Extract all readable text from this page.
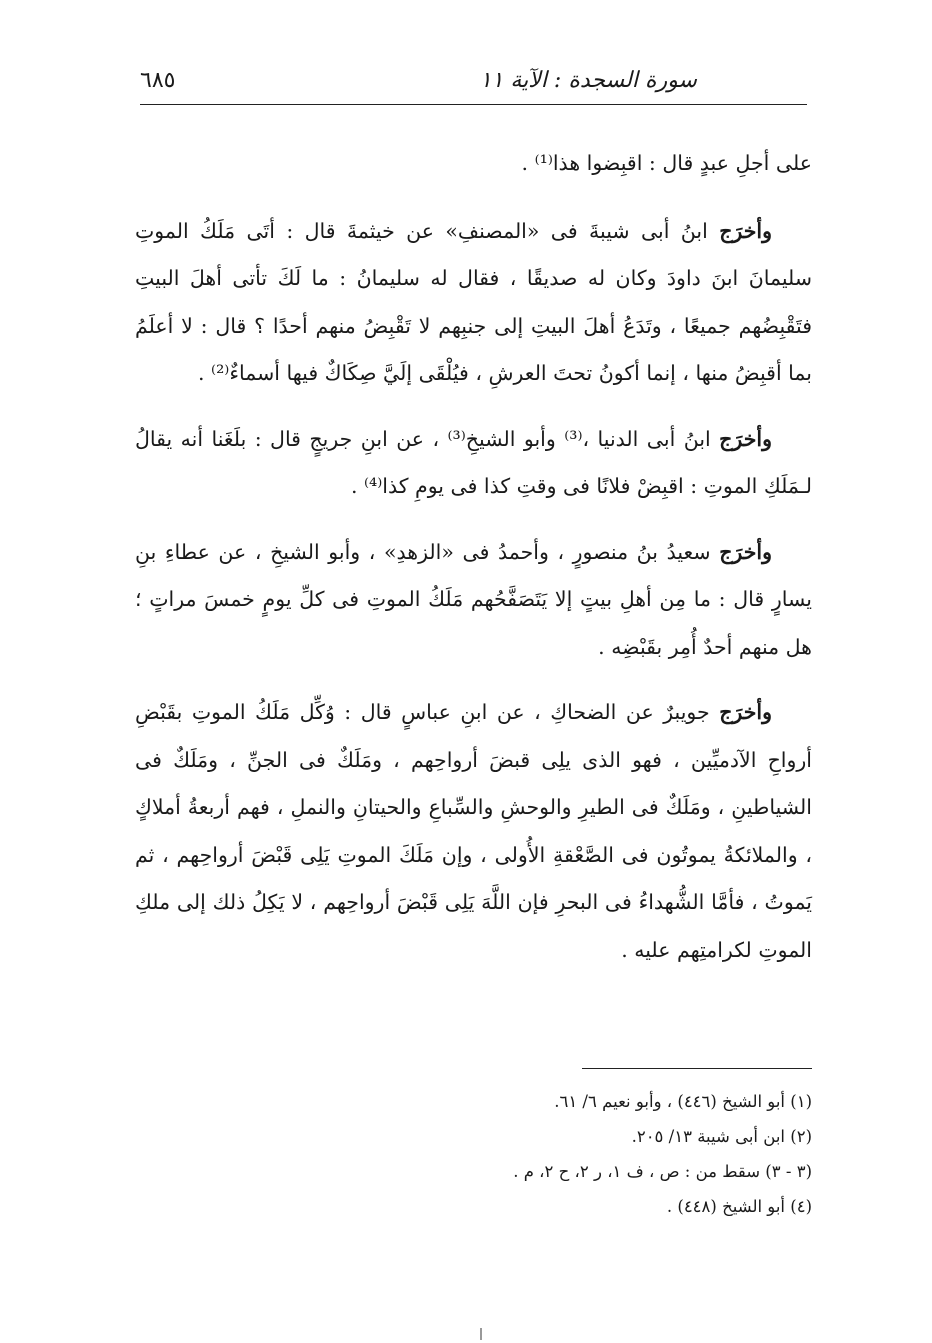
سورة السجدة : الآية ١١
٦٨٥

على أجلِ عبدٍ قال : اقبِضوا هذا⁽¹⁾ .

وأخرَج ابنُ أبى شيبةَ فى «المصنفِ» عن خيثمةَ قال : أتَى مَلَكُ الموتِ سليمانَ ابنَ داودَ وكان له صديقًا ، فقال له سليمانُ : ما لَكَ تأتى أهلَ البيتِ فتَقْبِضُهم جميعًا ، وتَدَعُ أهلَ البيتِ إلى جنبِهم لا تَقْبِضُ منهم أحدًا ؟ قال : لا أعلَمُ بما أقبِضُ منها ، إنما أكونُ تحتَ العرشِ ، فيُلْقَى إلَيَّ صِكَاكٌ فيها أسماءٌ⁽²⁾ .

وأخرَج ابنُ أبى الدنيا ،⁽³⁾ وأبو الشيخِ⁽³⁾ ، عن ابنِ جريجٍ قال : بلَغَنا أنه يقالُ لـمَلَكِ الموتِ : اقبِضْ فلانًا فى وقتِ كذا فى يومِ كذا⁽⁴⁾ .

وأخرَج سعيدُ بنُ منصورٍ ، وأحمدُ فى «الزهدِ» ، وأبو الشيخِ ، عن عطاءِ بنِ يسارٍ قال : ما مِن أهلِ بيتٍ إلا يَتَصَفَّحُهم مَلَكُ الموتِ فى كلِّ يومٍ خمسَ مراتٍ ؛ هل منهم أحدٌ أُمِر بقَبْضِه .

وأخرَج جويبرٌ عن الضحاكِ ، عن ابنِ عباسٍ قال : وُكِّل مَلَكُ الموتِ بقَبْضِ أرواحِ الآدميِّين ، فهو الذى يلِى قبضَ أرواحِهم ، ومَلَكٌ فى الجنِّ ، ومَلَكٌ فى الشياطينِ ، ومَلَكٌ فى الطيرِ والوحشِ والسِّباعِ والحيتانِ والنملِ ، فهم أربعةُ أملاكٍ ، والملائكةُ يموتُون فى الصَّعْقةِ الأُولى ، وإن مَلَكَ الموتِ يَلِى قَبْضَ أرواحِهم ، ثم يَموتُ ، فأمَّا الشُّهداءُ فى البحرِ فإن اللَّهَ يَلِى قَبْضَ أرواحِهم ، لا يَكِلُ ذلك إلى ملكِ الموتِ لكرامتِهم عليه .

(١) أبو الشيخ (٤٤٦) ، وأبو نعيم ٦/ ٦١.

(٢) ابن أبى شيبة ١٣/ ٢٠٥.

(٣ - ٣) سقط من : ص ، ف ١، ر ٢، ح ٢، م .

(٤) أبو الشيخ (٤٤٨) .
